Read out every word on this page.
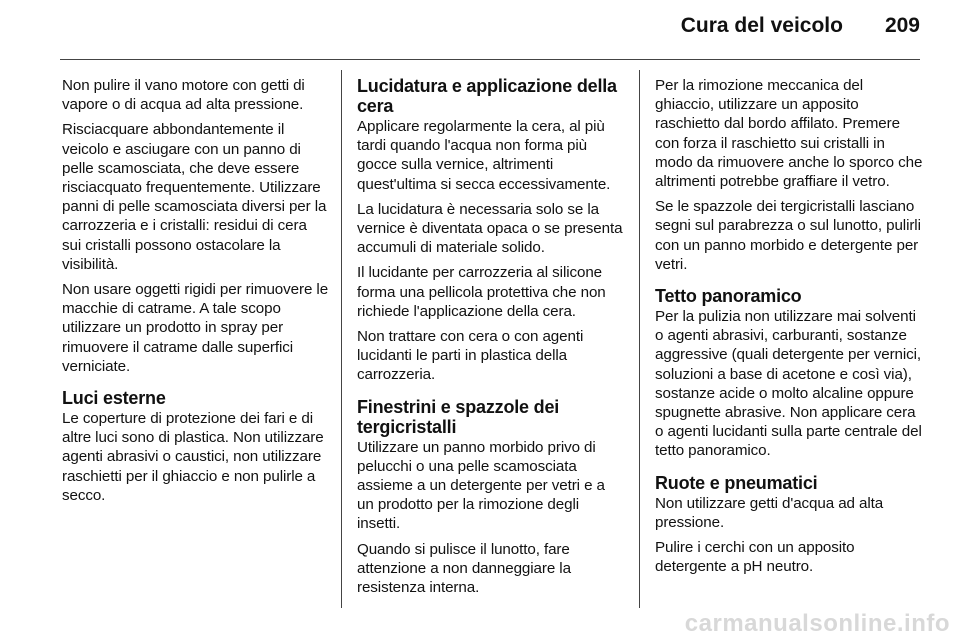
Cura del veicolo 209

Non pulire il vano motore con getti di vapore o di acqua ad alta pressione.

Risciacquare abbondantemente il veicolo e asciugare con un panno di pelle scamosciata, che deve essere risciacquato frequentemente. Utilizzare panni di pelle scamosciata diversi per la carrozzeria e i cristalli: residui di cera sui cristalli possono ostacolare la visibilità.

Non usare oggetti rigidi per rimuovere le macchie di catrame. A tale scopo utilizzare un prodotto in spray per rimuovere il catrame dalle superfici verniciate.

Luci esterne

Le coperture di protezione dei fari e di altre luci sono di plastica. Non utilizzare agenti abrasivi o caustici, non utilizzare raschietti per il ghiaccio e non pulirle a secco.

Lucidatura e applicazione della cera

Applicare regolarmente la cera, al più tardi quando l'acqua non forma più gocce sulla vernice, altrimenti quest'ultima si secca eccessivamente.

La lucidatura è necessaria solo se la vernice è diventata opaca o se presenta accumuli di materiale solido.

Il lucidante per carrozzeria al silicone forma una pellicola protettiva che non richiede l'applicazione della cera.

Non trattare con cera o con agenti lucidanti le parti in plastica della carrozzeria.

Finestrini e spazzole dei tergicristalli

Utilizzare un panno morbido privo di pelucchi o una pelle scamosciata assieme a un detergente per vetri e a un prodotto per la rimozione degli insetti.

Quando si pulisce il lunotto, fare attenzione a non danneggiare la resistenza interna.

Per la rimozione meccanica del ghiaccio, utilizzare un apposito raschietto dal bordo affilato. Premere con forza il raschietto sui cristalli in modo da rimuovere anche lo sporco che altrimenti potrebbe graffiare il vetro.

Se le spazzole dei tergicristalli lasciano segni sul parabrezza o sul lunotto, pulirli con un panno morbido e detergente per vetri.

Tetto panoramico

Per la pulizia non utilizzare mai solventi o agenti abrasivi, carburanti, sostanze aggressive (quali detergente per vernici, soluzioni a base di acetone e così via), sostanze acide o molto alcaline oppure spugnette abrasive. Non applicare cera o agenti lucidanti sulla parte centrale del tetto panoramico.

Ruote e pneumatici

Non utilizzare getti d'acqua ad alta pressione.

Pulire i cerchi con un apposito detergente a pH neutro.

carmanualsonline.info
